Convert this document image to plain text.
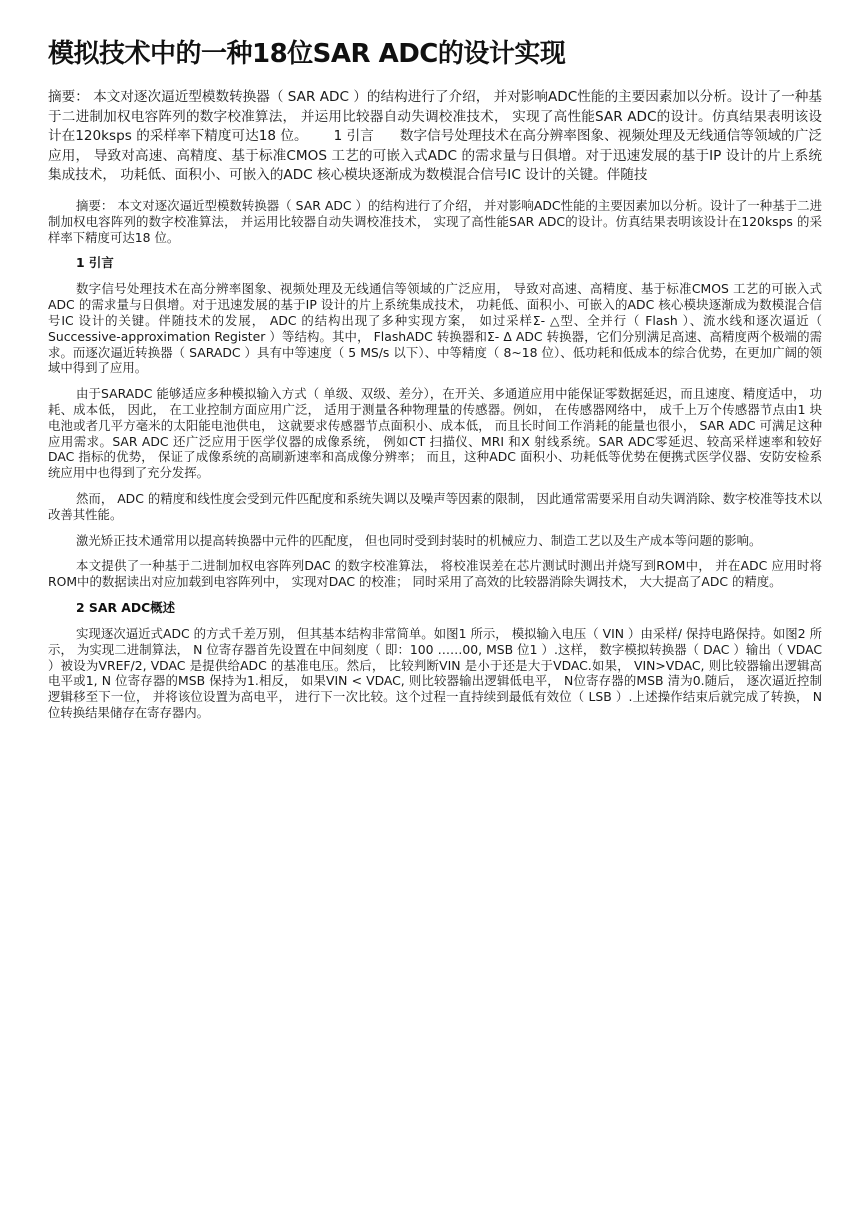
模拟技术中的一种18位SAR ADC的设计实现

摘要： 本文对逐次逼近型模数转换器（ SAR ADC ）的结构进行了介绍， 并对影响ADC性能的主要因素加以分析。设计了一种基于二进制加权电容阵列的数字校准算法， 并运用比较器自动失调校准技术， 实现了高性能SAR ADC的设计。仿真结果表明该设计在120ksps 的采样率下精度可达18 位。 1 引言 数字信号处理技术在高分辨率图象、视频处理及无线通信等领域的广泛应用， 导致对高速、高精度、基于标准CMOS 工艺的可嵌入式ADC 的需求量与日俱增。对于迅速发展的基于IP 设计的片上系统集成技术， 功耗低、面积小、可嵌入的ADC 核心模块逐渐成为数模混合信号IC 设计的关键。伴随技

摘要： 本文对逐次逼近型模数转换器（ SAR ADC ）的结构进行了介绍， 并对影响ADC性能的主要因素加以分析。设计了一种基于二进制加权电容阵列的数字校准算法， 并运用比较器自动失调校准技术， 实现了高性能SAR ADC的设计。仿真结果表明该设计在120ksps 的采样率下精度可达18 位。

1 引言

数字信号处理技术在高分辨率图象、视频处理及无线通信等领域的广泛应用， 导致对高速、高精度、基于标准CMOS 工艺的可嵌入式ADC 的需求量与日俱增。对于迅速发展的基于IP 设计的片上系统集成技术， 功耗低、面积小、可嵌入的ADC 核心模块逐渐成为数模混合信号IC 设计的关键。伴随技术的发展， ADC 的结构出现了多种实现方案， 如过采样Σ- △型、全并行（ Flash ）、流水线和逐次逼近（ Successive-approximation Register ）等结构。其中， FlashADC 转换器和Σ- Δ ADC 转换器，它们分别满足高速、高精度两个极端的需求。而逐次逼近转换器（ SARADC ）具有中等速度（ 5 MS/s 以下）、中等精度（ 8~18 位）、低功耗和低成本的综合优势，在更加广阔的领域中得到了应用。

由于SARADC 能够适应多种模拟输入方式（ 单级、双级、差分），在开关、多通道应用中能保证零数据延迟，而且速度、精度适中， 功耗、成本低， 因此， 在工业控制方面应用广泛， 适用于测量各种物理量的传感器。例如， 在传感器网络中， 成千上万个传感器节点由1 块电池或者几平方毫米的太阳能电池供电， 这就要求传感器节点面积小、成本低， 而且长时间工作消耗的能量也很小， SAR ADC 可满足这种应用需求。SAR ADC 还广泛应用于医学仪器的成像系统， 例如CT 扫描仪、MRI 和X 射线系统。SAR ADC零延迟、较高采样速率和较好DAC 指标的优势， 保证了成像系统的高刷新速率和高成像分辨率； 而且，这种ADC 面积小、功耗低等优势在便携式医学仪器、安防安检系统应用中也得到了充分发挥。

然而， ADC 的精度和线性度会受到元件匹配度和系统失调以及噪声等因素的限制， 因此通常需要采用自动失调消除、数字校准等技术以改善其性能。

激光矫正技术通常用以提高转换器中元件的匹配度， 但也同时受到封装时的机械应力、制造工艺以及生产成本等问题的影响。

本文提供了一种基于二进制加权电容阵列DAC 的数字校准算法， 将校准误差在芯片测试时测出并烧写到ROM中， 并在ADC 应用时将ROM中的数据读出对应加载到电容阵列中， 实现对DAC 的校准； 同时采用了高效的比较器消除失调技术， 大大提高了ADC 的精度。

2 SAR ADC概述

实现逐次逼近式ADC 的方式千差万别， 但其基本结构非常简单。如图1 所示， 模拟输入电压（ VIN ）由采样/ 保持电路保持。如图2 所示， 为实现二进制算法， N 位寄存器首先设置在中间刻度（ 即：100 ……00, MSB 位1 ）.这样， 数字模拟转换器（ DAC ）输出（ VDAC ）被设为VREF/2, VDAC 是提供给ADC 的基准电压。然后， 比较判断VIN 是小于还是大于VDAC.如果， VIN>VDAC, 则比较器输出逻辑高电平或1, N 位寄存器的MSB 保持为1.相反， 如果VIN < VDAC, 则比较器输出逻辑低电平， N位寄存器的MSB 清为0.随后， 逐次逼近控制逻辑移至下一位， 并将该位设置为高电平， 进行下一次比较。这个过程一直持续到最低有效位（ LSB ）.上述操作结束后就完成了转换， N 位转换结果储存在寄存器内。
